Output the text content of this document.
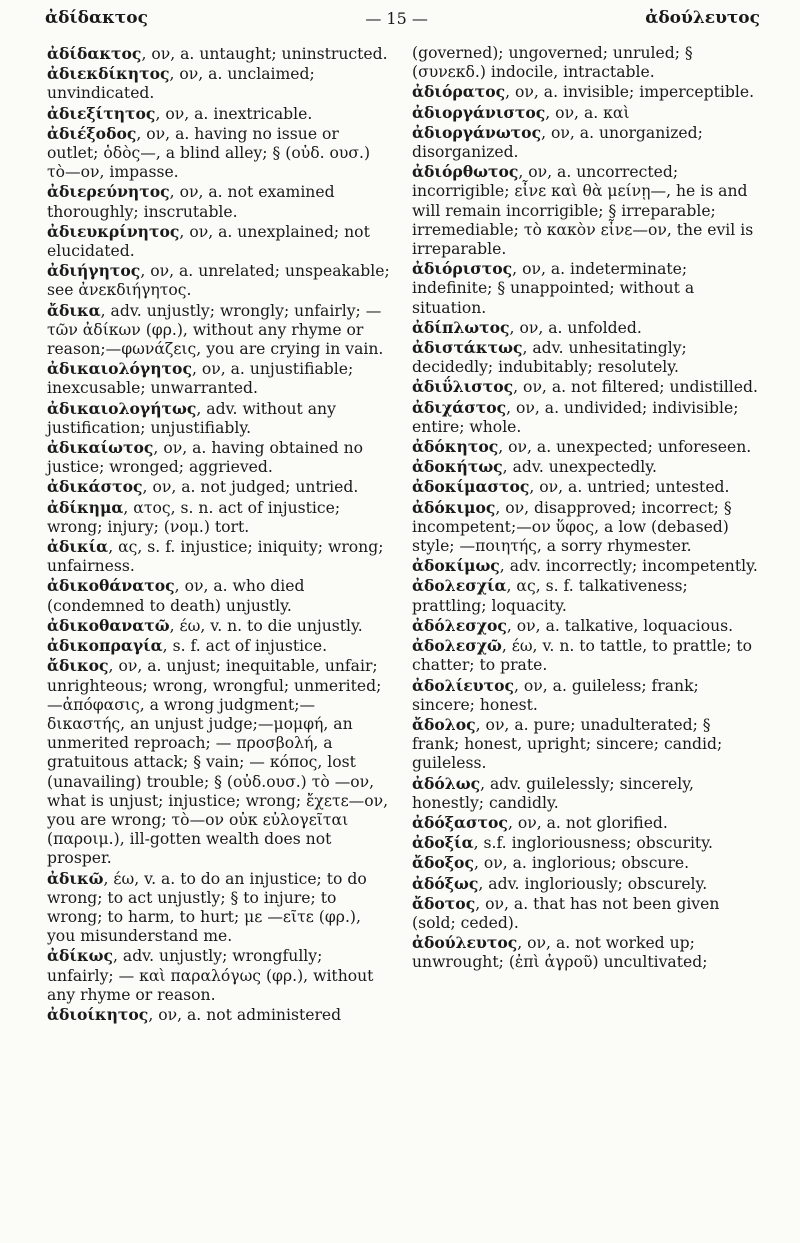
ἀδίδακτος	— 15 —	ἀδούλευτος

ἀδίδακτος, ον, a. untaught; uninstructed.

ἀδιεκδίκητος, ον, a. unclaimed; unvindicated.

ἀδιεξίτητος, ον, a. inextricable.

ἀδιέξοδος, ον, a. having no issue or outlet; ὁδὸς—, a blind alley; § (οὐδ. ουσ.) τὸ—ον, impasse.

ἀδιερεύνητος, ον, a. not examined thoroughly; inscrutable.

ἀδιευκρίνητος, ον, a. unexplained; not elucidated.

ἀδιήγητος, ον, a. unrelated; unspeakable; see ἀνεκδιήγητος.

ἄδικα, adv. unjustly; wrongly; unfairly; — τῶν ἀδίκων (φρ.), without any rhyme or reason;—φωνάζεις, you are crying in vain.

ἀδικαιολόγητος, ον, a. unjustifiable; inexcusable; unwarranted.

ἀδικαιολογήτως, adv. without any justification; unjustifiably.

ἀδικαίωτος, ον, a. having obtained no justice; wronged; aggrieved.

ἀδικάστος, ον, a. not judged; untried.

ἀδίκημα, ατος, s. n. act of injustice; wrong; injury; (νομ.) tort.

ἀδικία, ας, s. f. injustice; iniquity; wrong; unfairness.

ἀδικοθάνατος, ον, a. who died (condemned to death) unjustly.

ἀδικοθανατῶ, έω, v. n. to die unjustly.

ἀδικοπραγία, s. f. act of injustice.

ἄδικος, ον, a. unjust; inequitable, unfair; unrighteous; wrong, wrongful; unmerited;—ἀπόφασις, a wrong judgment;—δικαστής, an unjust judge;—μομφή, an unmerited reproach; — προσβολή, a gratuitous attack; § vain; — κόπος, lost (unavailing) trouble; § (οὐδ.ουσ.) τὸ —ον, what is unjust; injustice; wrong; ἔχετε—ον, you are wrong; τὸ—ον οὐκ εὐλογεῖται (παροιμ.), ill-gotten wealth does not prosper.

ἀδικῶ, έω, v. a. to do an injustice; to do wrong; to act unjustly; § to injure; to wrong; to harm, to hurt; με —εῖτε (φρ.), you misunderstand me.

ἀδίκως, adv. unjustly; wrongfully; unfairly; — καὶ παραλόγως (φρ.), without any rhyme or reason.

ἀδιοίκητος, ον, a. not administered

(governed); ungoverned; unruled; § (συνεκδ.) indocile, intractable.

ἀδιόρατος, ον, a. invisible; imperceptible.

ἀδιοργάνιστος, ον, a. καὶ

ἀδιοργάνωτος, ον, a. unorganized; disorganized.

ἀδιόρθωτος, ον, a. uncorrected; incorrigible; εἶνε καὶ θὰ μείνῃ—, he is and will remain incorrigible; § irreparable; irremediable; τὸ κακὸν εἶνε—ον, the evil is irreparable.

ἀδιόριστος, ον, a. indeterminate; indefinite; § unappointed; without a situation.

ἀδίπλωτος, ον, a. unfolded.

ἀδιστάκτως, adv. unhesitatingly; decidedly; indubitably; resolutely.

ἀδιΰλιστος, ον, a. not filtered; undistilled.

ἀδιχάστος, ον, a. undivided; indivisible; entire; whole.

ἀδόκητος, ον, a. unexpected; unforeseen.

ἀδοκήτως, adv. unexpectedly.

ἀδοκίμαστος, ον, a. untried; untested.

ἀδόκιμος, ον, disapproved; incorrect; § incompetent;—ον ὕφος, a low (debased) style; —ποιητής, a sorry rhymester.

ἀδοκίμως, adv. incorrectly; incompetently.

ἀδολεσχία, ας, s. f. talkativeness; prattling; loquacity.

ἀδόλεσχος, ον, a. talkative, loquacious.

ἀδολεσχῶ, έω, v. n. to tattle, to prattle; to chatter; to prate.

ἀδολίευτος, ον, a. guileless; frank; sincere; honest.

ἄδολος, ον, a. pure; unadulterated; § frank; honest, upright; sincere; candid; guileless.

ἀδόλως, adv. guilelessly; sincerely, honestly; candidly.

ἀδόξαστος, ον, a. not glorified.

ἀδοξία, s.f. ingloriousness; obscurity.

ἄδοξος, ον, a. inglorious; obscure.

ἀδόξως, adv. ingloriously; obscurely.

ἄδοτος, ον, a. that has not been given (sold; ceded).

ἀδούλευτος, ον, a. not worked up; unwrought; (ἐπὶ ἀγροῦ) uncultivated;
